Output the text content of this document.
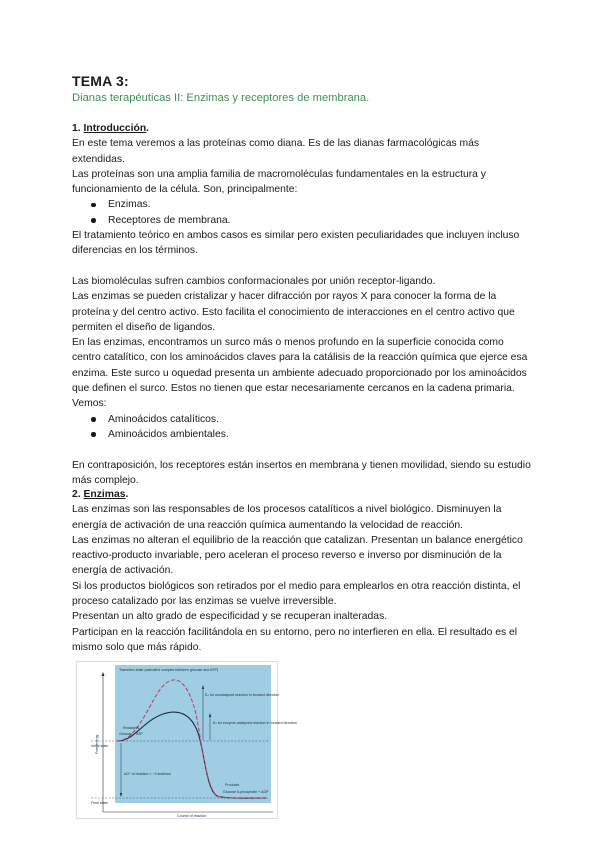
TEMA 3:
Dianas terapéuticas II: Enzimas y receptores de membrana.

1. Introducción.

En este tema veremos a las proteínas como diana. Es de las dianas farmacológicas más extendidas.

Las proteínas son una amplia familia de macromoléculas fundamentales en la estructura y funcionamiento de la célula. Son, principalmente:

Enzimas.
Receptores de membrana.

El tratamiento teórico en ambos casos es similar pero existen peculiaridades que incluyen incluso diferencias en los términos.

Las biomoléculas sufren cambios conformacionales por unión receptor-ligando.

Las enzimas se pueden cristalizar y hacer difracción por rayos X para conocer la forma de la proteína y del centro activo. Esto facilita el conocimiento de interacciones en el centro activo que permiten el diseño de ligandos.

En las enzimas, encontramos un surco más o menos profundo en la superficie conocida como centro catalítico, con los aminoácidos claves para la catálisis de la reacción química que ejerce esa enzima. Este surco u oquedad presenta un ambiente adecuado proporcionado por los aminoácidos que definen el surco. Estos no tienen que estar necesariamente cercanos en la cadena primaria. Vemos:

Aminoácidos catalíticos.
Aminoácidos ambientales.

En contraposición, los receptores están insertos en membrana y tienen movilidad, siendo su estudio más complejo.

2. Enzimas.

Las enzimas son las responsables de los procesos catalíticos a nivel biológico. Disminuyen la energía de activación de una reacción química aumentando la velocidad de reacción.

Las enzimas no alteran el equilibrio de la reacción que catalizan. Presentan un balance energético reactivo-producto invariable, pero aceleran el proceso reverso e inverso por disminución de la energía de activación.

Si los productos biológicos son retirados por el medio para emplearlos en otra reacción distinta, el proceso catalizado por las enzimas se vuelve irreversible.

Presentan un alto grado de especificidad y se recuperan inalteradas.

Participan en la reacción facilitándola en su entorno, pero no interfieren en ella. El resultado es el mismo solo que más rápido.

Transition state (activated complex between glucose and ATP)
Free energy
Course of reaction
Eₐ for uncatalyzed reaction in forward direction
Eₐ for enzyme-catalyzed reaction in forward direction
ΔG° of reaction = −4 kcal/mol
Reactants
Glucose + ATP
Initial state
Products
Glucose 6-phosphate + ADP
Final state
